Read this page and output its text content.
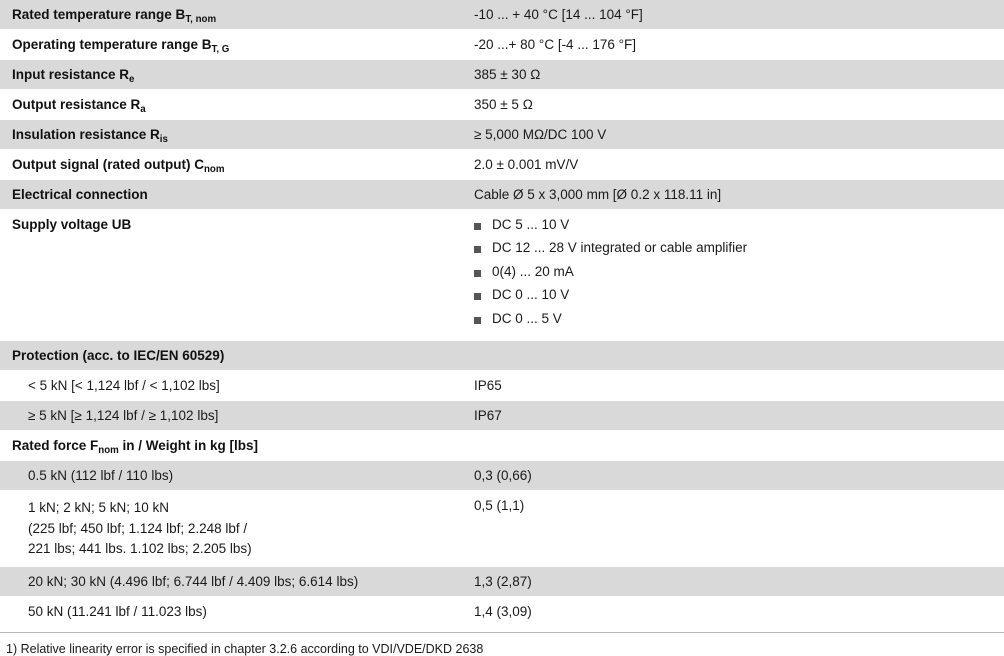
Rated temperature range $B_{T, nom}$	-10 ... + 40 °C [14 ... 104 °F]
Operating temperature range $B_{T, G}$	-20 ...+ 80 °C [-4 ... 176 °F]
Input resistance $R_e$	385 ± 30 Ω
Output resistance $R_a$	350 ± 5 Ω
Insulation resistance $R_{is}$	≥ 5,000 MΩ/DC 100 V
Output signal (rated output) $C_{nom}$	2.0 ± 0.001 mV/V
Electrical connection	Cable Ø 5 x 3,000 mm [Ø 0.2 x 118.11 in]
Supply voltage UB	DC 5 ... 10 V
DC 12 ... 28 V integrated or cable amplifier
0(4) ... 20 mA
DC 0 ... 10 V
DC 0 ... 5 V

Protection (acc. to IEC/EN 60529)	
< 5 kN [< 1,124 lbf / < 1,102 lbs]	IP65
≥ 5 kN [≥ 1,124 lbf / ≥ 1,102 lbs]	IP67
Rated force $F_{nom}$ in / Weight in kg [lbs]	
0.5 kN (112 lbf / 110 lbs)	0,3 (0,66)
1 kN; 2 kN; 5 kN; 10 kN
(225 lbf; 450 lbf; 1.124 lbf; 2.248 lbf /
221 lbs; 441 lbs. 1.102 lbs; 2.205 lbs)	0,5 (1,1)
20 kN; 30 kN (4.496 lbf; 6.744 lbf / 4.409 lbs; 6.614 lbs)	1,3 (2,87)
50 kN (11.241 lbf / 11.023 lbs)	1,4 (3,09)
1) Relative linearity error is specified in chapter 3.2.6 according to VDI/VDE/DKD 2638
